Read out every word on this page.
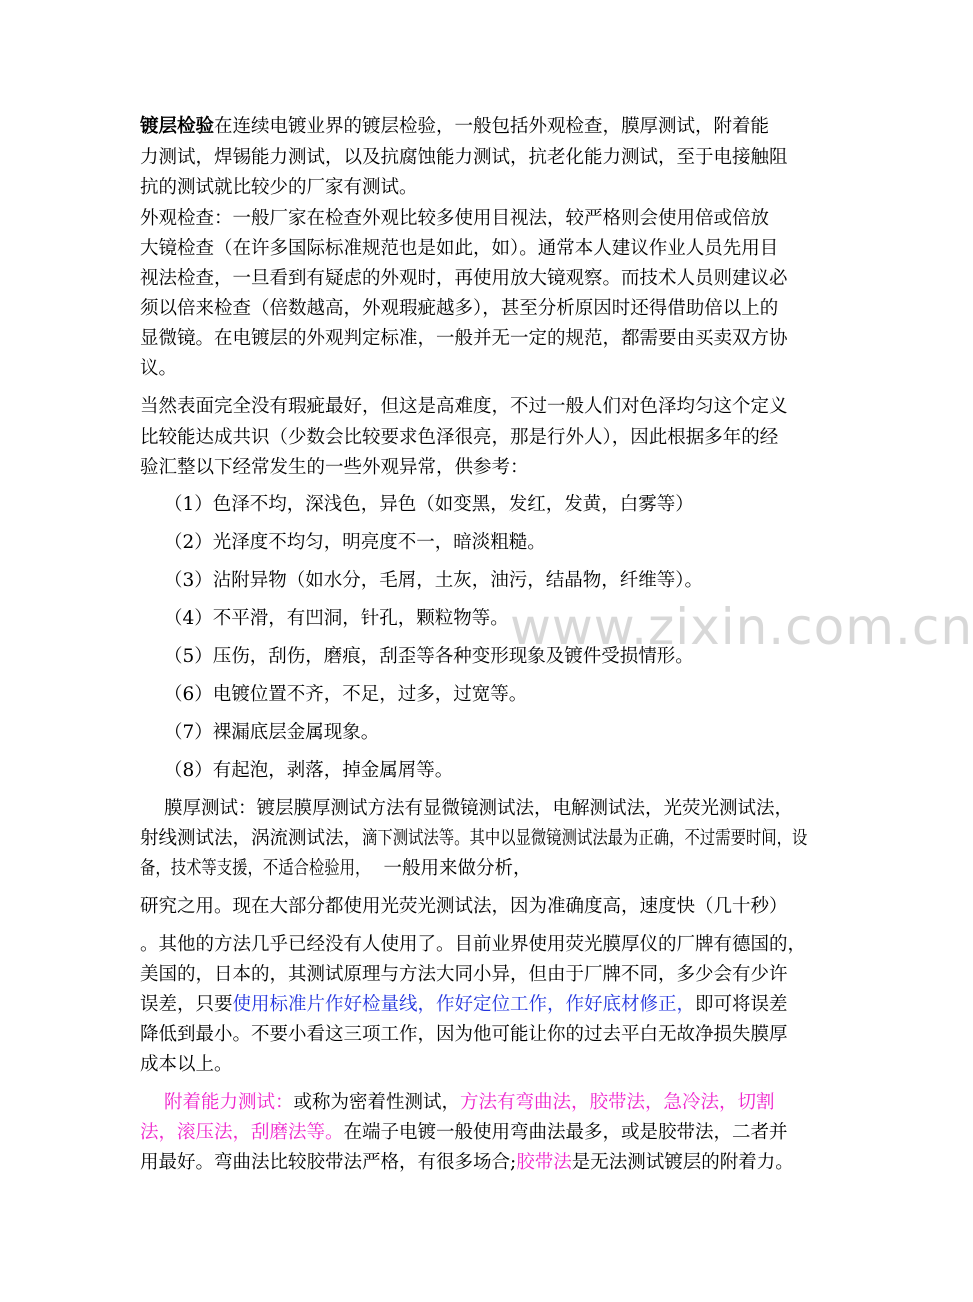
www.zixin.com.cn
镀层检验在连续电镀业界的镀层检验，一般包括外观检查，膜厚测试，附着能
力测试，焊锡能力测试，以及抗腐蚀能力测试，抗老化能力测试，至于电接触阻
抗的测试就比较少的厂家有测试。
外观检查：一般厂家在检查外观比较多使用目视法，较严格则会使用倍或倍放
大镜检查（在许多国际标准规范也是如此，如）。通常本人建议作业人员先用目
视法检查，一旦看到有疑虑的外观时，再使用放大镜观察。而技术人员则建议必
须以倍来检查（倍数越高，外观瑕疵越多），甚至分析原因时还得借助倍以上的
显微镜。在电镀层的外观判定标准，一般并无一定的规范，都需要由买卖双方协
议。
当然表面完全没有瑕疵最好，但这是高难度，不过一般人们对色泽均匀这个定义
比较能达成共识（少数会比较要求色泽很亮，那是行外人），因此根据多年的经
验汇整以下经常发生的一些外观异常，供参考：
（1）色泽不均，深浅色，异色（如变黑，发红，发黄，白雾等）
（2）光泽度不均匀，明亮度不一，暗淡粗糙。
（3）沾附异物（如水分，毛屑，土灰，油污，结晶物，纤维等）。
（4）不平滑，有凹洞，针孔，颗粒物等。
（5）压伤，刮伤，磨痕，刮歪等各种变形现象及镀件受损情形。
（6）电镀位置不齐，不足，过多，过宽等。
（7）裸漏底层金属现象。
（8）有起泡，剥落，掉金属屑等。
膜厚测试：镀层膜厚测试方法有显微镜测试法，电解测试法，光荧光测试法，
射线测试法，涡流测试法，滴下测试法等。其中以显微镜测试法最为正确，不过需要时间，设
备，技术等支援，不适合检验用， 一般用来做分析，
研究之用。现在大部分都使用光荧光测试法，因为准确度高，速度快（几十秒）
。其他的方法几乎已经没有人使用了。目前业界使用荧光膜厚仪的厂牌有德国的，
美国的，日本的，其测试原理与方法大同小异，但由于厂牌不同，多少会有少许
误差，只要使用标准片作好检量线，作好定位工作，作好底材修正，即可将误差
降低到最小。不要小看这三项工作，因为他可能让你的过去平白无故净损失膜厚
成本以上。
附着能力测试：或称为密着性测试，方法有弯曲法，胶带法，急冷法，切割
法，滚压法，刮磨法等。在端子电镀一般使用弯曲法最多，或是胶带法，二者并
用最好。弯曲法比较胶带法严格，有很多场合;胶带法是无法测试镀层的附着力。
